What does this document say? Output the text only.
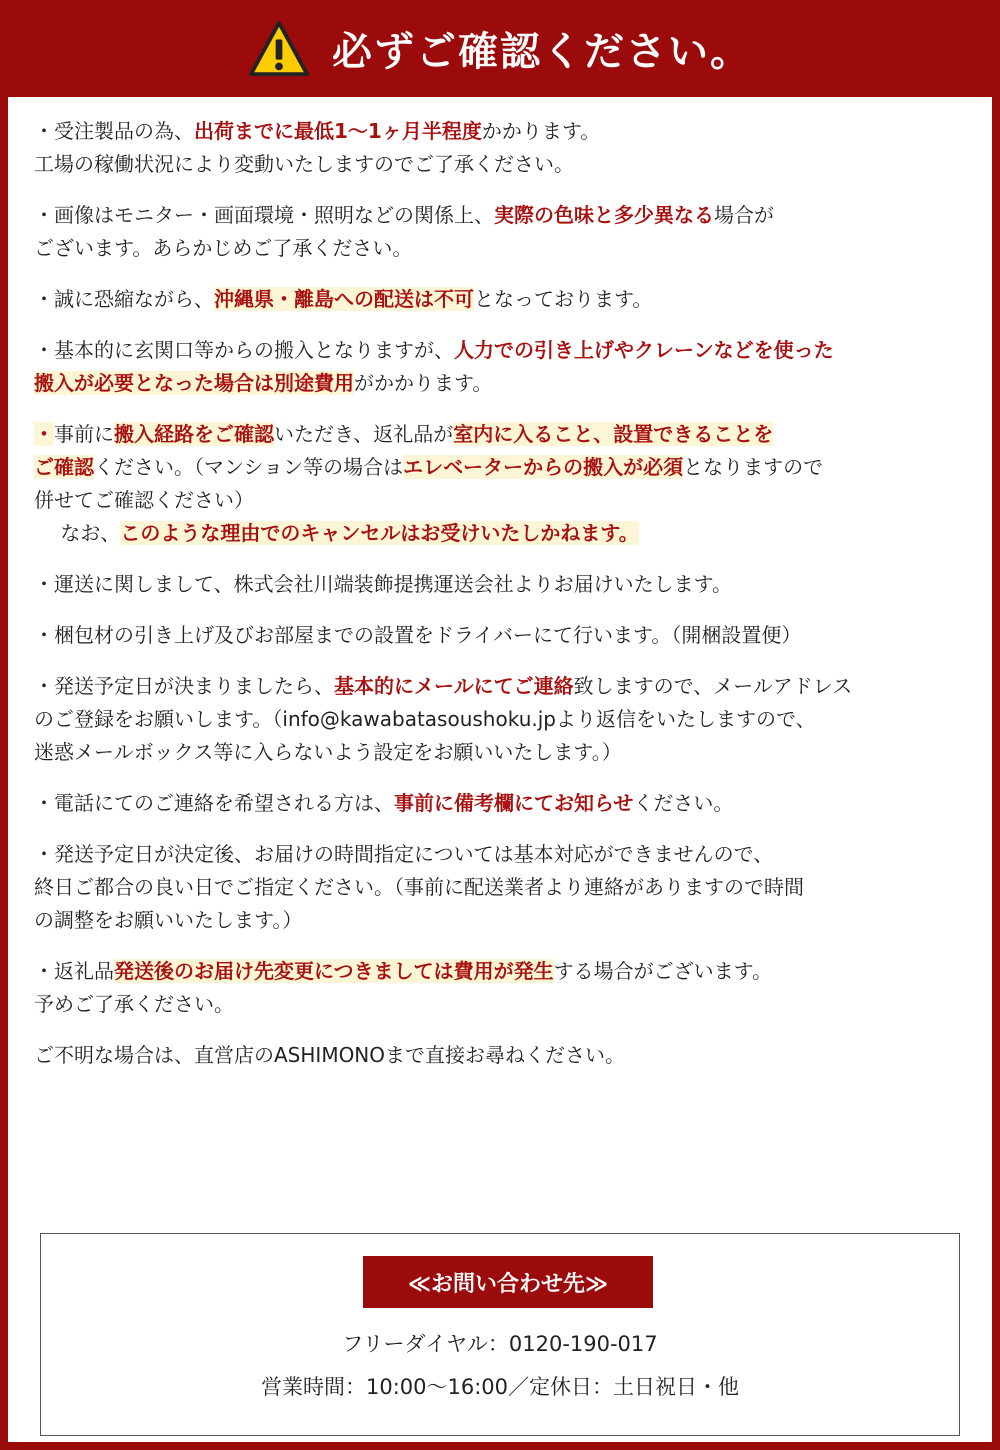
必ずご確認ください。

・受注製品の為、出荷までに最低1～1ヶ月半程度かかります。
工場の稼働状況により変動いたしますのでご了承ください。

・画像はモニター・画面環境・照明などの関係上、実際の色味と多少異なる場合が
ございます。あらかじめご了承ください。

・誠に恐縮ながら、沖縄県・離島への配送は不可となっております。

・基本的に玄関口等からの搬入となりますが、人力での引き上げやクレーンなどを使った
搬入が必要となった場合は別途費用がかかります。

・事前に搬入経路をご確認いただき、返礼品が室内に入ること、設置できることを
ご確認ください。（マンション等の場合はエレベーターからの搬入が必須となりますので
併せてご確認ください）
　 なお、このような理由でのキャンセルはお受けいたしかねます。

・運送に関しまして、株式会社川端装飾提携運送会社よりお届けいたします。

・梱包材の引き上げ及びお部屋までの設置をドライバーにて行います。（開梱設置便）

・発送予定日が決まりましたら、基本的にメールにてご連絡致しますので、メールアドレス
のご登録をお願いします。（info@kawabatasoushoku.jpより返信をいたしますので、
迷惑メールボックス等に入らないよう設定をお願いいたします。）

・電話にてのご連絡を希望される方は、事前に備考欄にてお知らせください。

・発送予定日が決定後、お届けの時間指定については基本対応ができませんので、
終日ご都合の良い日でご指定ください。（事前に配送業者より連絡がありますので時間
の調整をお願いいたします。）

・返礼品発送後のお届け先変更につきましては費用が発生する場合がございます。
予めご了承ください。

ご不明な場合は、直営店のASHIMONOまで直接お尋ねください。

≪お問い合わせ先≫
フリーダイヤル：0120-190-017
営業時間：10:00～16:00／定休日：土日祝日・他
